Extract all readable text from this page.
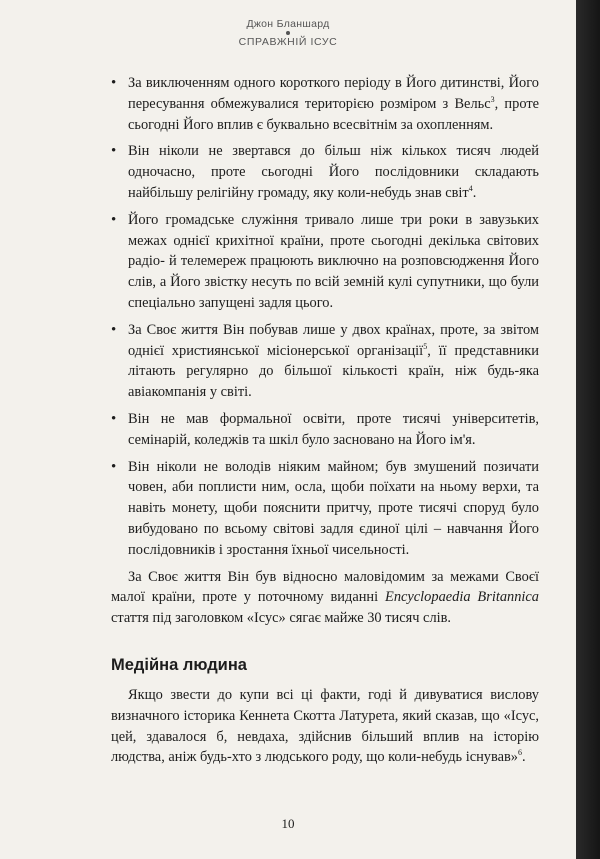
Джон Бланшард
СПРАВЖНІЙ ІСУС
• За виключенням одного короткого періоду в Його дитинстві, Його пересування обмежувалися територією розміром з Вельс$^3$, проте сьогодні Його вплив є буквально всесвітнім за охопленням.
• Він ніколи не звертався до більш ніж кількох тисяч людей одночасно, проте сьогодні Його послідовники складають найбільшу релігійну громаду, яку коли-небудь знав світ$^4$.
• Його громадське служіння тривало лише три роки в завузьких межах однієї крихітної країни, проте сьогодні декілька світових радіо- й телемереж працюють виключно на розповсюдження Його слів, а Його звістку несуть по всій земній кулі супутники, що були спеціально запущені задля цього.
• За Своє життя Він побував лише у двох країнах, проте, за звітом однієї християнської місіонерської організації$^5$, її представники літають регулярно до більшої кількості країн, ніж будь-яка авіакомпанія у світі.
• Він не мав формальної освіти, проте тисячі університетів, семінарій, коледжів та шкіл було засновано на Його ім'я.
• Він ніколи не володів ніяким майном; був змушений позичати човен, аби поплисти ним, осла, щоби поїхати на ньому верхи, та навіть монету, щоби пояснити притчу, проте тисячі споруд було вибудовано по всьому світові задля єдиної цілі – навчання Його послідовників і зростання їхньої чисельності.

За Своє життя Він був відносно маловідомим за межами Своєї малої країни, проте у поточному виданні Encyclopaedia Britannica стаття під заголовком «Ісус» сягає майже 30 тисяч слів.

Медійна людина

Якщо звести до купи всі ці факти, годі й дивуватися вислову визначного історика Кеннета Скотта Латурета, який сказав, що «Ісус, цей, здавалося б, невдаха, здійснив більший вплив на історію людства, аніж будь-хто з людського роду, що коли-небудь існував»$^6$.

10
